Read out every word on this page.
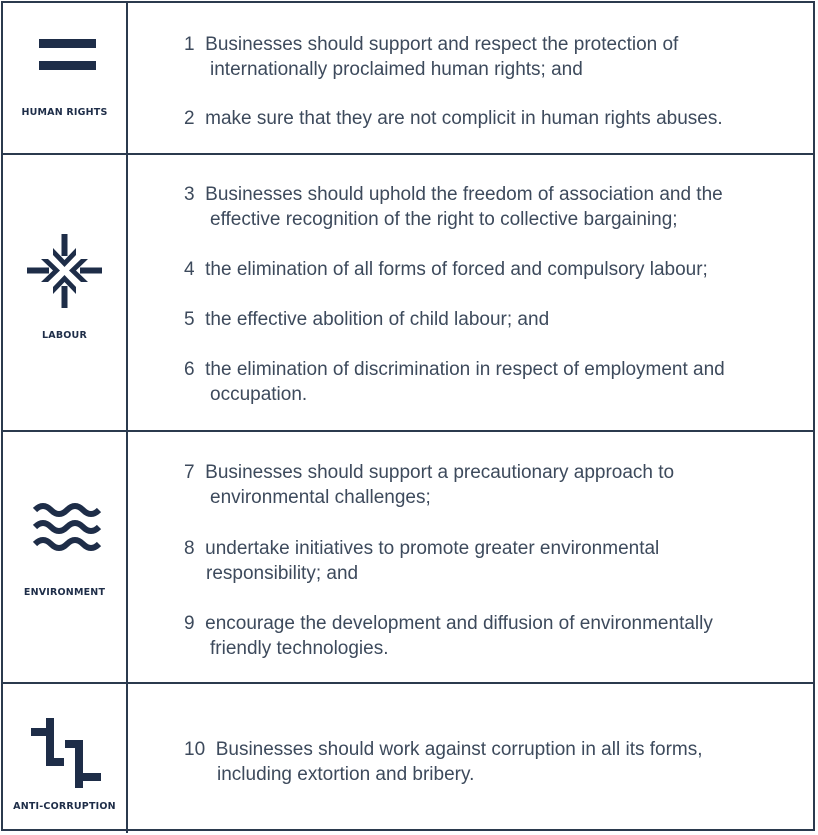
HUMAN RIGHTS
1 Businesses should support and respect the protection of
internationally proclaimed human rights; and
2 make sure that they are not complicit in human rights abuses.
LABOUR
3 Businesses should uphold the freedom of association and the
effective recognition of the right to collective bargaining;
4 the elimination of all forms of forced and compulsory labour;
5 the effective abolition of child labour; and
6 the elimination of discrimination in respect of employment and
occupation.
ENVIRONMENT
7 Businesses should support a precautionary approach to
environmental challenges;
8 undertake initiatives to promote greater environmental
responsibility; and
9 encourage the development and diffusion of environmentally
friendly technologies.
ANTI-CORRUPTION
10 Businesses should work against corruption in all its forms,
including extortion and bribery.
